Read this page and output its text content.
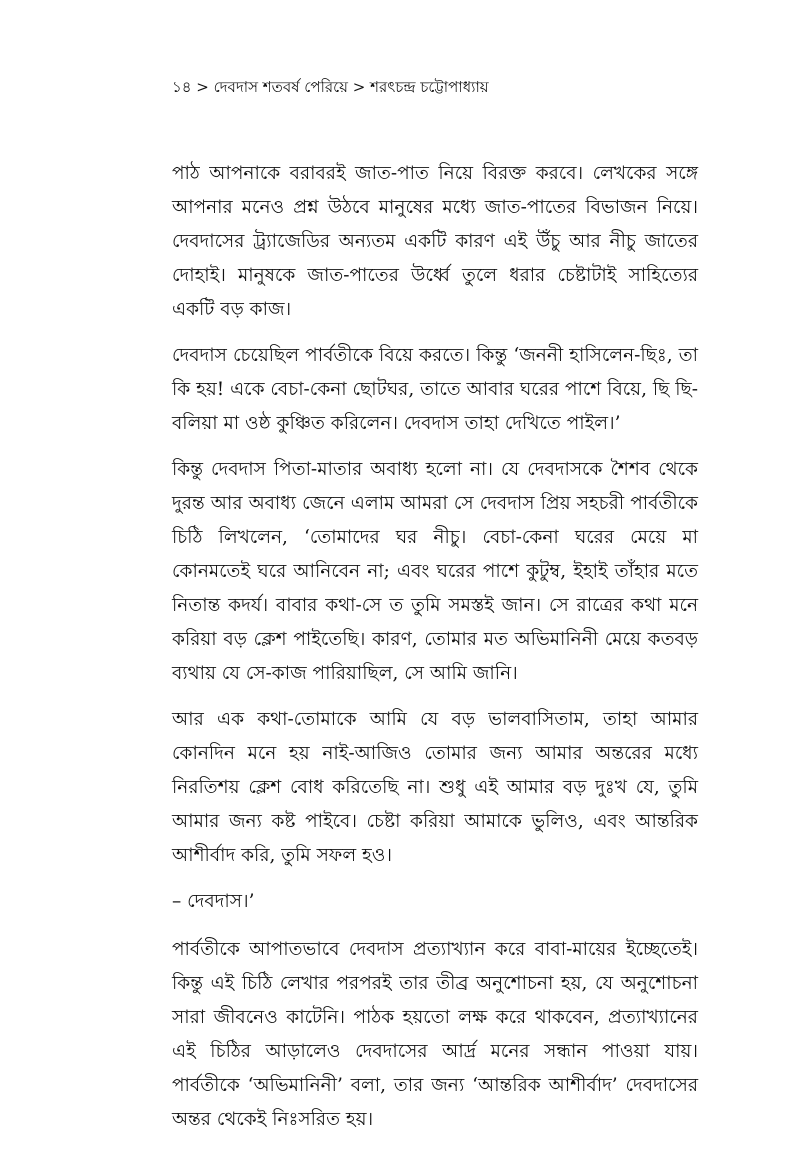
১৪ > দেবদাস শতবর্ষ পেরিয়ে > শরৎচন্দ্র চট্টোপাধ্যায়

পাঠ আপনাকে বরাবরই জাত-পাত নিয়ে বিরক্ত করবে। লেখকের সঙ্গে আপনার মনেও প্রশ্ন উঠবে মানুষের মধ্যে জাত-পাতের বিভাজন নিয়ে। দেবদাসের ট্র্যাজেডির অন্যতম একটি কারণ এই উঁচু আর নীচু জাতের দোহাই। মানুষকে জাত-পাতের উর্ধ্বে তুলে ধরার চেষ্টাটাই সাহিত্যের একটি বড় কাজ।

দেবদাস চেয়েছিল পার্বতীকে বিয়ে করতে। কিন্তু ‘জননী হাসিলেন-ছিঃ, তা কি হয়! একে বেচা-কেনা ছোটঘর, তাতে আবার ঘরের পাশে বিয়ে, ছি ছি-বলিয়া মা ওষ্ঠ কুঞ্চিত করিলেন। দেবদাস তাহা দেখিতে পাইল।’

কিন্তু দেবদাস পিতা-মাতার অবাধ্য হলো না। যে দেবদাসকে শৈশব থেকে দুরন্ত আর অবাধ্য জেনে এলাম আমরা সে দেবদাস প্রিয় সহচরী পার্বতীকে চিঠি লিখলেন, ‘তোমাদের ঘর নীচু। বেচা-কেনা ঘরের মেয়ে মা কোনমতেই ঘরে আনিবেন না; এবং ঘরের পাশে কুটুম্ব, ইহাই তাঁহার মতে নিতান্ত কদর্য। বাবার কথা-সে ত তুমি সমস্তই জান। সে রাত্রের কথা মনে করিয়া বড় ক্লেশ পাইতেছি। কারণ, তোমার মত অভিমানিনী মেয়ে কতবড় ব্যথায় যে সে-কাজ পারিয়াছিল, সে আমি জানি।

আর এক কথা-তোমাকে আমি যে বড় ভালবাসিতাম, তাহা আমার কোনদিন মনে হয় নাই-আজিও তোমার জন্য আমার অন্তরের মধ্যে নিরতিশয় ক্লেশ বোধ করিতেছি না। শুধু এই আমার বড় দুঃখ যে, তুমি আমার জন্য কষ্ট পাইবে। চেষ্টা করিয়া আমাকে ভুলিও, এবং আন্তরিক আশীর্বাদ করি, তুমি সফল হও।

– দেবদাস।’

পার্বতীকে আপাতভাবে দেবদাস প্রত্যাখ্যান করে বাবা-মায়ের ইচ্ছেতেই। কিন্তু এই চিঠি লেখার পরপরই তার তীব্র অনুশোচনা হয়, যে অনুশোচনা সারা জীবনেও কাটেনি। পাঠক হয়তো লক্ষ করে থাকবেন, প্রত্যাখ্যানের এই চিঠির আড়ালেও দেবদাসের আর্দ্র মনের সন্ধান পাওয়া যায়। পার্বতীকে ‘অভিমানিনী’ বলা, তার জন্য ‘আন্তরিক আশীর্বাদ’ দেবদাসের অন্তর থেকেই নিঃসরিত হয়।
